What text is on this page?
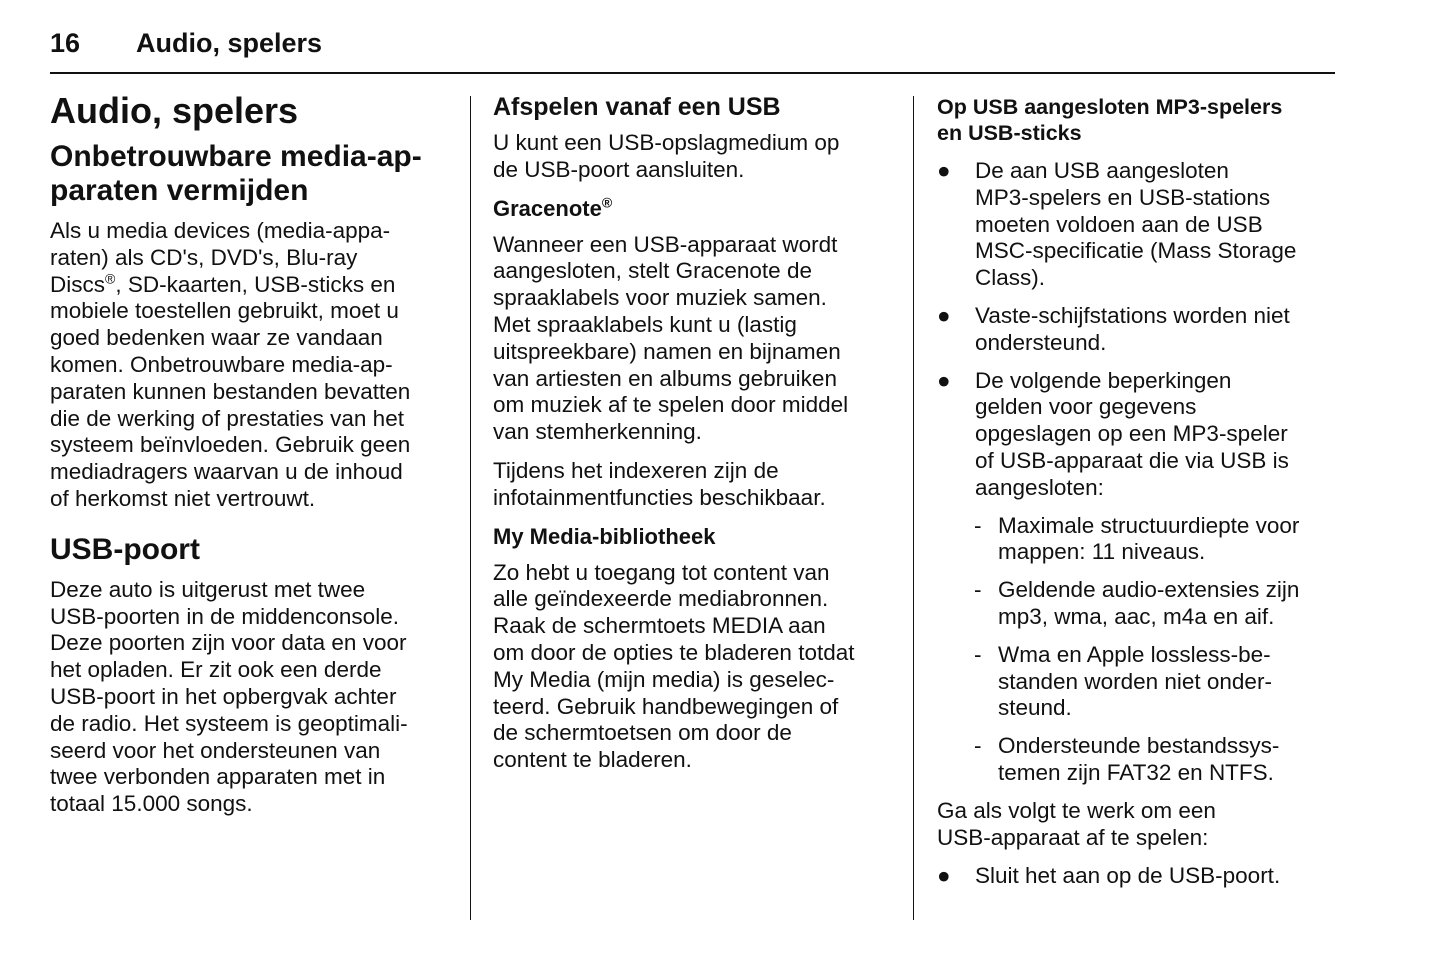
16 Audio, spelers
Audio, spelers
Onbetrouwbare media-ap-
paraten vermijden
Als u media devices (media-appa-
raten) als CD's, DVD's, Blu-ray
Discs®, SD-kaarten, USB-sticks en
mobiele toestellen gebruikt, moet u
goed bedenken waar ze vandaan
komen. Onbetrouwbare media-ap-
paraten kunnen bestanden bevatten
die de werking of prestaties van het
systeem beïnvloeden. Gebruik geen
mediadragers waarvan u de inhoud
of herkomst niet vertrouwt.
USB-poort
Deze auto is uitgerust met twee
USB-poorten in de middenconsole.
Deze poorten zijn voor data en voor
het opladen. Er zit ook een derde
USB-poort in het opbergvak achter
de radio. Het systeem is geoptimali-
seerd voor het ondersteunen van
twee verbonden apparaten met in
totaal 15.000 songs.
Afspelen vanaf een USB
U kunt een USB-opslagmedium op
de USB-poort aansluiten.
Gracenote®
Wanneer een USB-apparaat wordt
aangesloten, stelt Gracenote de
spraaklabels voor muziek samen.
Met spraaklabels kunt u (lastig
uitspreekbare) namen en bijnamen
van artiesten en albums gebruiken
om muziek af te spelen door middel
van stemherkenning.
Tijdens het indexeren zijn de
infotainmentfuncties beschikbaar.
My Media-bibliotheek
Zo hebt u toegang tot content van
alle geïndexeerde mediabronnen.
Raak de schermtoets MEDIA aan
om door de opties te bladeren totdat
My Media (mijn media) is geselec-
teerd. Gebruik handbewegingen of
de schermtoetsen om door de
content te bladeren.
Op USB aangesloten MP3-spelers
en USB-sticks
● De aan USB aangesloten
MP3-spelers en USB-stations
moeten voldoen aan de USB
MSC-specificatie (Mass Storage
Class).
● Vaste-schijfstations worden niet
ondersteund.
● De volgende beperkingen
gelden voor gegevens
opgeslagen op een MP3-speler
of USB-apparaat die via USB is
aangesloten:
- Maximale structuurdiepte voor
mappen: 11 niveaus.
- Geldende audio-extensies zijn
mp3, wma, aac, m4a en aif.
- Wma en Apple lossless-be-
standen worden niet onder-
steund.
- Ondersteunde bestandssys-
temen zijn FAT32 en NTFS.
Ga als volgt te werk om een
USB-apparaat af te spelen:
● Sluit het aan op de USB-poort.
